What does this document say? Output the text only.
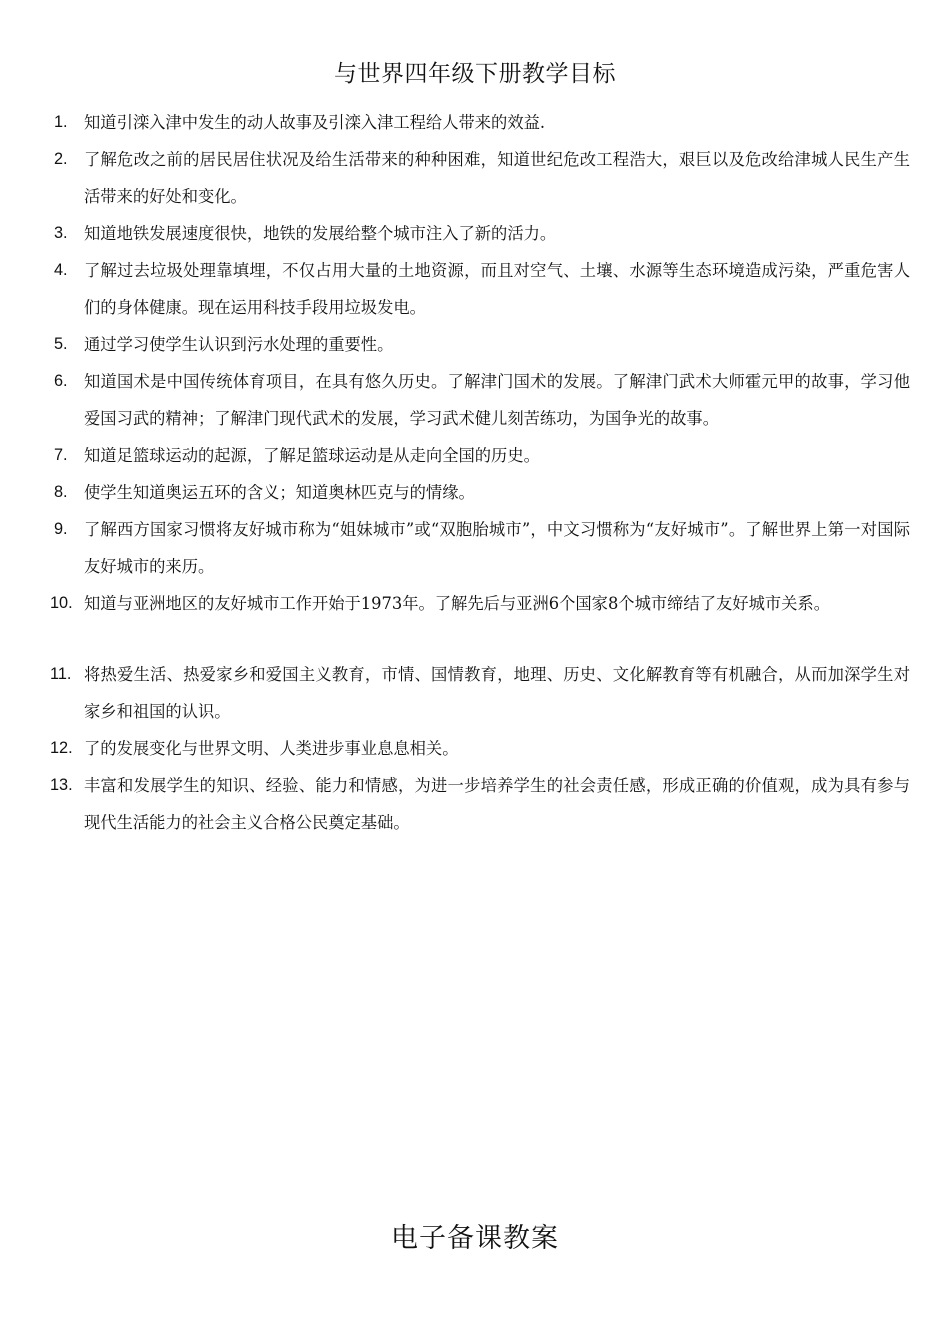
与世界四年级下册教学目标
1.	知道引滦入津中发生的动人故事及引滦入津工程给人带来的效益.
2.	了解危改之前的居民居住状况及给生活带来的种种困难，知道世纪危改工程浩大，艰巨以及危改给津城人民生产生活带来的好处和变化。
3.	知道地铁发展速度很快，地铁的发展给整个城市注入了新的活力。
4.	了解过去垃圾处理靠填埋，不仅占用大量的土地资源，而且对空气、土壤、水源等生态环境造成污染，严重危害人们的身体健康。现在运用科技手段用垃圾发电。
5.	通过学习使学生认识到污水处理的重要性。
6.	知道国术是中国传统体育项目，在具有悠久历史。了解津门国术的发展。了解津门武术大师霍元甲的故事，学习他爱国习武的精神；了解津门现代武术的发展，学习武术健儿刻苦练功，为国争光的故事。
7.	知道足篮球运动的起源，了解足篮球运动是从走向全国的历史。
8.	使学生知道奥运五环的含义；知道奥林匹克与的情缘。
9.	了解西方国家习惯将友好城市称为“姐妹城市”或“双胞胎城市”，中文习惯称为“友好城市”。了解世界上第一对国际友好城市的来历。
10. 知道与亚洲地区的友好城市工作开始于1973年。了解先后与亚洲6个国家8个城市缔结了友好城市关系。
11. 将热爱生活、热爱家乡和爱国主义教育，市情、国情教育，地理、历史、文化解教育等有机融合，从而加深学生对家乡和祖国的认识。
12. 了的发展变化与世界文明、人类进步事业息息相关。
13. 丰富和发展学生的知识、经验、能力和情感，为进一步培养学生的社会责任感，形成正确的价值观，成为具有参与现代生活能力的社会主义合格公民奠定基础。
电子备课教案
